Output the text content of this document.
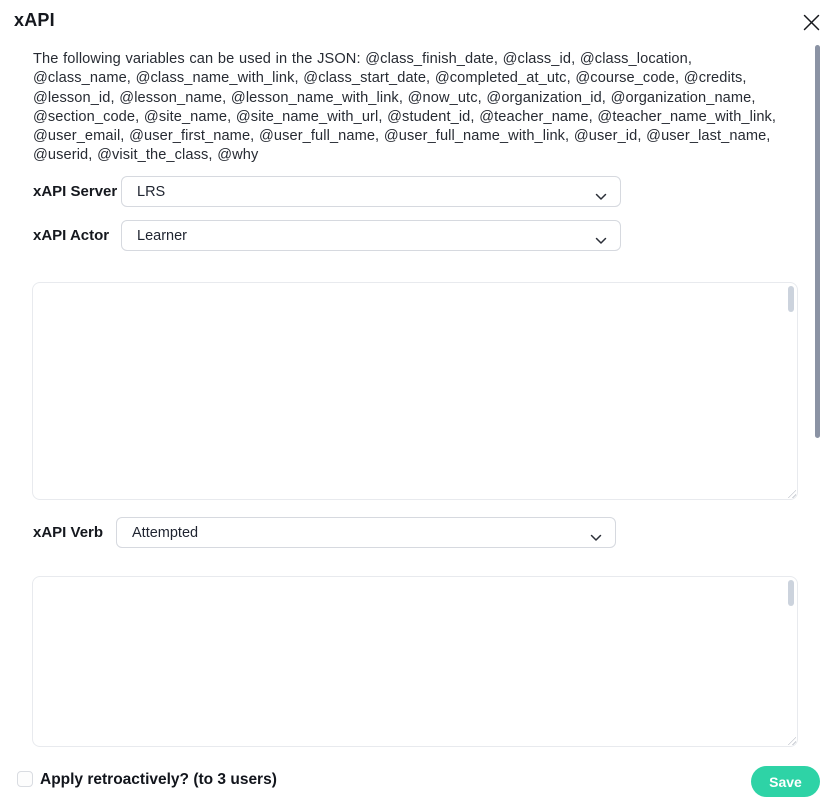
xAPI
The following variables can be used in the JSON: @class_finish_date, @class_id, @class_location, @class_name, @class_name_with_link, @class_start_date, @completed_at_utc, @course_code, @credits, @lesson_id, @lesson_name, @lesson_name_with_link, @now_utc, @organization_id, @organization_name, @section_code, @site_name, @site_name_with_url, @student_id, @teacher_name, @teacher_name_with_link, @user_email, @user_first_name, @user_full_name, @user_full_name_with_link, @user_id, @user_last_name, @userid, @visit_the_class, @why
xAPI Server LRS
xAPI Actor Learner
xAPI Verb Attempted
Apply retroactively? (to 3 users)	Save
